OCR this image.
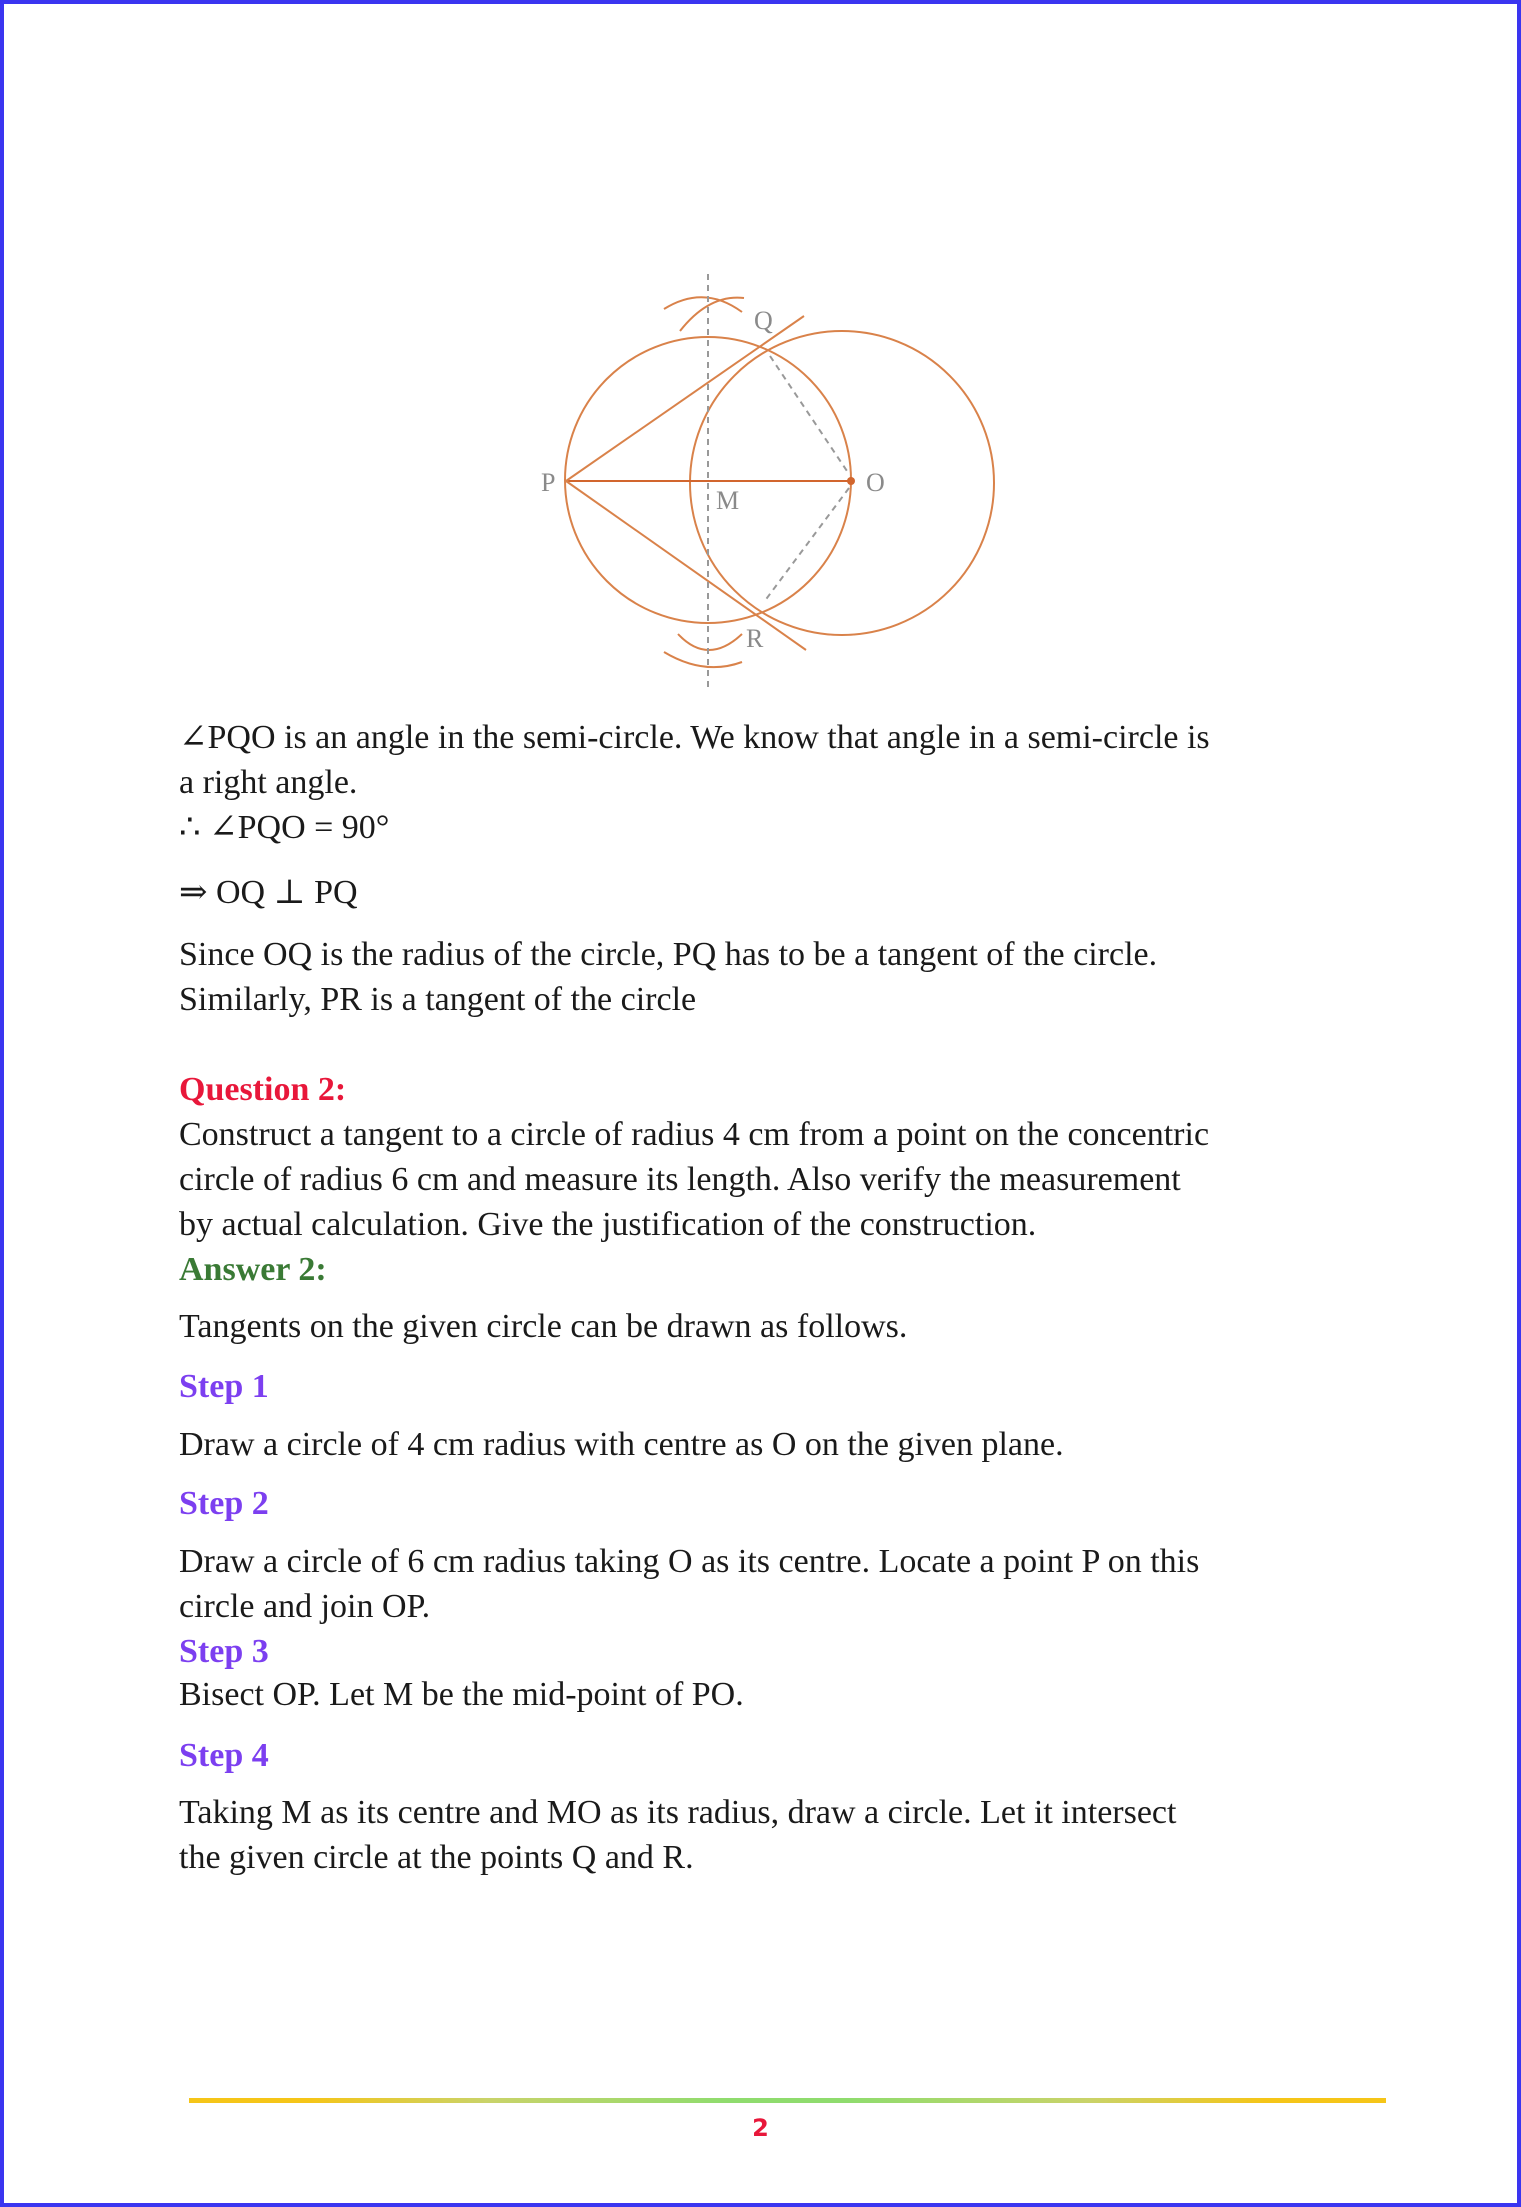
P
Q
O
M
R
∠PQO is an angle in the semi-circle. We know that angle in a semi-circle is
a right angle.
∴ ∠PQO = 90°
⇒ OQ ⊥ PQ
Since OQ is the radius of the circle, PQ has to be a tangent of the circle.
Similarly, PR is a tangent of the circle
Question 2:
Construct a tangent to a circle of radius 4 cm from a point on the concentric
circle of radius 6 cm and measure its length. Also verify the measurement
by actual calculation. Give the justification of the construction.
Answer 2:
Tangents on the given circle can be drawn as follows.
Step 1
Draw a circle of 4 cm radius with centre as O on the given plane.
Step 2
Draw a circle of 6 cm radius taking O as its centre. Locate a point P on this
circle and join OP.
Step 3
Bisect OP. Let M be the mid-point of PO.
Step 4
Taking M as its centre and MO as its radius, draw a circle. Let it intersect
the given circle at the points Q and R.
2
